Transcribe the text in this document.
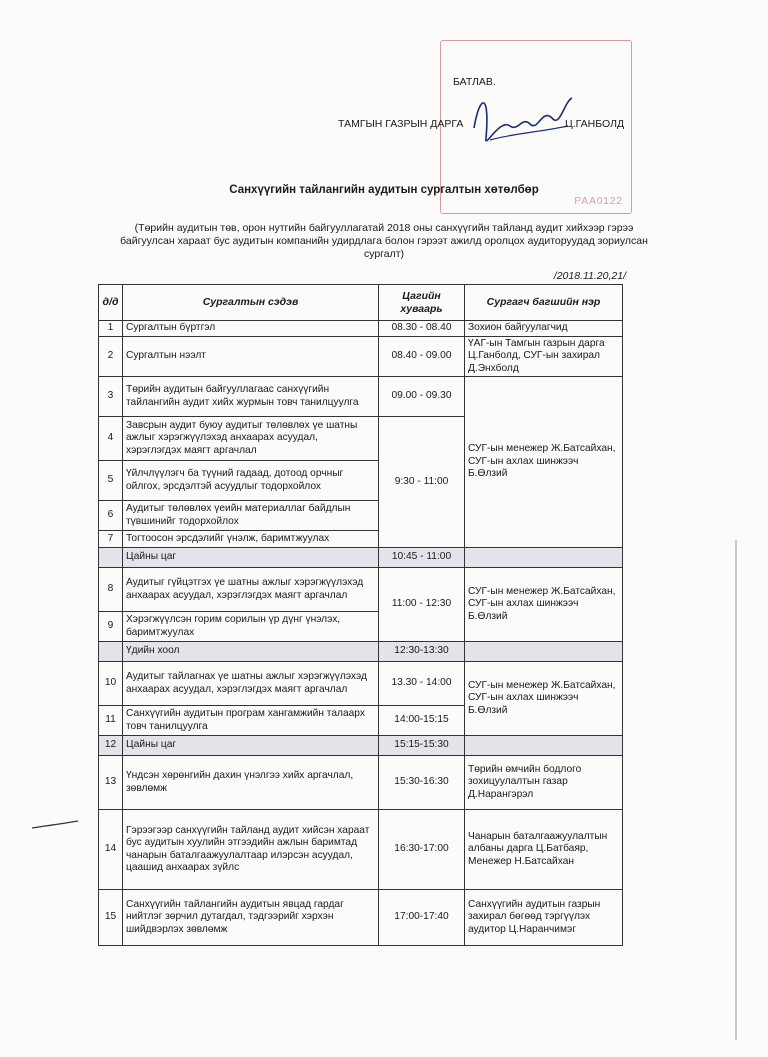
РАА0122
БАТЛАВ.
ТАМГЫН ГАЗРЫН ДАРГА	Ц.ГАНБОЛД
Санхүүгийн тайлангийн аудитын сургалтын хөтөлбөр
(Төрийн аудитын төв, орон нутгийн байгууллагатай 2018 оны санхүүгийн тайланд аудит хийхээр гэрээ байгуулсан хараат бус аудитын компанийн удирдлага болон гэрээт ажилд оролцох аудиторуудад зориулсан сургалт)
/2018.11.20,21/
д/д	Сургалтын сэдэв	Цагийн хуваарь	Сургагч багшийн нэр
1	Сургалтын бүртгэл	08.30 - 08.40	Зохион байгуулагчид
2	Сургалтын нээлт	08.40 - 09.00	ҮАГ-ын Тамгын газрын дарга Ц.Ганболд, СУГ-ын захирал Д.Энхболд
3	Төрийн аудитын байгууллагаас санхүүгийн тайлангийн аудит хийх журмын товч танилцуулга	09.00 - 09.30	СУГ-ын менежер Ж.Батсайхан, СУГ-ын ахлах шинжээч Б.Өлзий
4	Завсрын аудит буюу аудитыг төлөвлөх үе шатны ажлыг хэрэгжүүлэхэд анхаарах асуудал, хэрэглэгдэх маягт аргачлал	9:30 - 11:00	
5	Үйлчлүүлэгч ба түүний гадаад, дотоод орчныг ойлгох, эрсдэлтэй асуудлыг тодорхойлох		
6	Аудитыг төлөвлөх үеийн материаллаг байдлын түвшинийг тодорхойлох		
7	Тогтоосон эрсдэлийг үнэлж, баримтжуулах		
	Цайны цаг	10:45 - 11:00	
8	Аудитыг гүйцэтгэх үе шатны ажлыг хэрэгжүүлэхэд анхаарах асуудал, хэрэглэгдэх маягт аргачлал	11:00 - 12:30	СУГ-ын менежер Ж.Батсайхан, СУГ-ын ахлах шинжээч Б.Өлзий
9	Хэрэгжүүлсэн горим сорилын үр дүнг үнэлэх, баримтжуулах		
	Үдийн хоол	12:30-13:30	
10	Аудитыг тайлагнах үе шатны ажлыг хэрэгжүүлэхэд анхаарах асуудал, хэрэглэгдэх маягт аргачлал	13.30 - 14:00	СУГ-ын менежер Ж.Батсайхан, СУГ-ын ахлах шинжээч Б.Өлзий
11	Санхүүгийн аудитын програм хангамжийн талаарх товч танилцуулга	14:00-15:15	
12	Цайны цаг	15:15-15:30	
13	Үндсэн хөрөнгийн дахин үнэлгээ хийх аргачлал, зөвлөмж	15:30-16:30	Төрийн өмчийн бодлого зохицуулалтын газар Д.Нарангэрэл
14	Гэрээгээр санхүүгийн тайланд аудит хийсэн хараат бус аудитын хуулийн этгээдийн ажлын баримтад чанарын баталгаажуулалтаар илэрсэн асуудал, цаашид анхаарах зүйлс	16:30-17:00	Чанарын баталгаажуулалтын албаны дарга Ц.Батбаяр, Менежер Н.Батсайхан
15	Санхүүгийн тайлангийн аудитын явцад гардаг нийтлэг зөрчил дутагдал, тэдгээрийг хэрхэн шийдвэрлэх зөвлөмж	17:00-17:40	Санхүүгийн аудитын газрын захирал бөгөөд тэргүүлэх аудитор Ц.Наранчимэг
